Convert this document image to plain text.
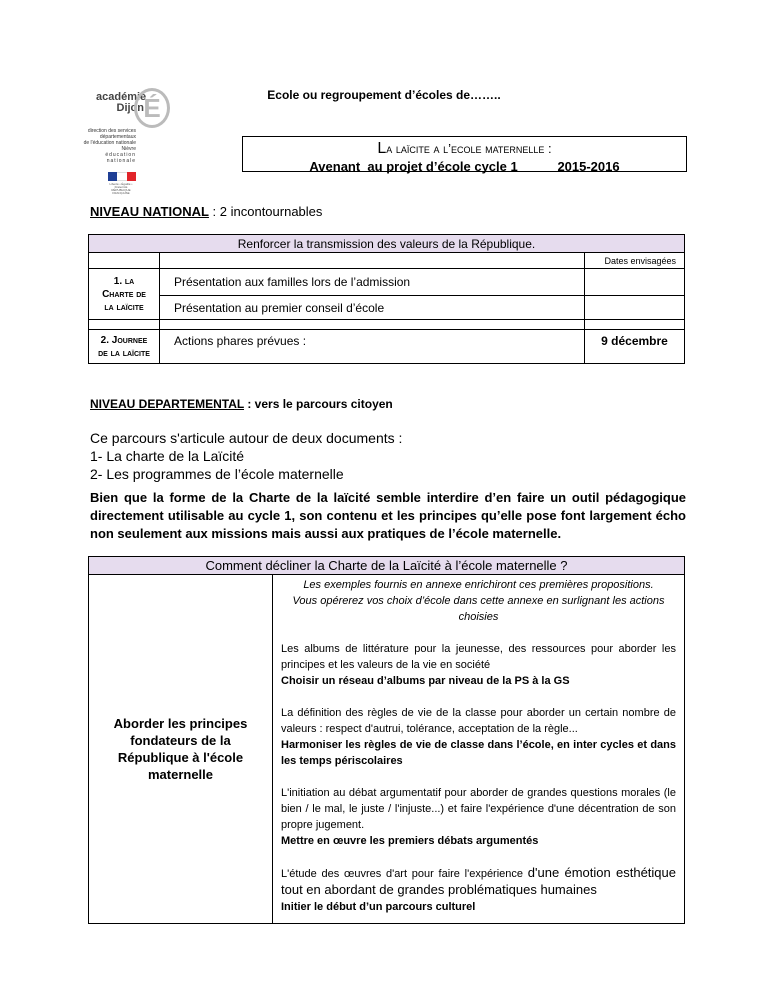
académie
Dijon É
direction des services
départementaux
de l'éducation nationale
Nièvre
éducation
nationale
Liberté • Égalité • Fraternité
RÉPUBLIQUE FRANÇAISE
Ecole ou regroupement d’écoles de……..
La laïcite a l’ecole maternelle :
Avenant  au projet d’école cycle 1           2015-2016
NIVEAU NATIONAL : 2 incontournables
Renforcer la transmission des valeurs de la République.		
		Dates envisagées
1. la
Charte de
la laïcite	Présentation aux familles lors de l’admission	
	Présentation au premier conseil d’école	

2. Journee
de la laïcite	Actions phares prévues :	9 décembre
NIVEAU DEPARTEMENTAL : vers le parcours citoyen
Ce parcours s'articule autour de deux documents :
1- La charte de la Laïcité
2- Les programmes de l’école maternelle
Bien que la forme de la Charte de la laïcité semble interdire d’en faire un outil pédagogique directement utilisable au cycle 1, son contenu et les principes qu’elle pose font largement écho non seulement aux missions mais aussi aux pratiques de l’école maternelle.
Comment décliner la Charte de la Laïcité à l’école maternelle ?
Aborder les principes fondateurs de la République à l'école maternelle	
Les exemples fournis en annexe enrichiront ces premières propositions.
Vous opérerez vos choix d’école dans cette annexe en surlignant les actions choisies
Les albums de littérature pour la jeunesse, des ressources pour aborder les principes et les valeurs de la vie en société
Choisir un réseau d’albums par niveau de la PS à la GS
La définition des règles de vie de la classe pour aborder un certain nombre de valeurs : respect d'autrui, tolérance, acceptation de la règle...
Harmoniser les règles de vie de classe dans l’école, en inter cycles et dans les temps périscolaires
L'initiation au débat argumentatif pour aborder de grandes questions morales (le bien / le mal, le juste / l'injuste...) et faire l'expérience d'une décentration de son propre jugement.
Mettre en œuvre les premiers débats argumentés
L'étude des œuvres d'art pour faire l'expérience d'une émotion esthétique tout en abordant de grandes problématiques humaines
Initier le début d’un parcours culturel
